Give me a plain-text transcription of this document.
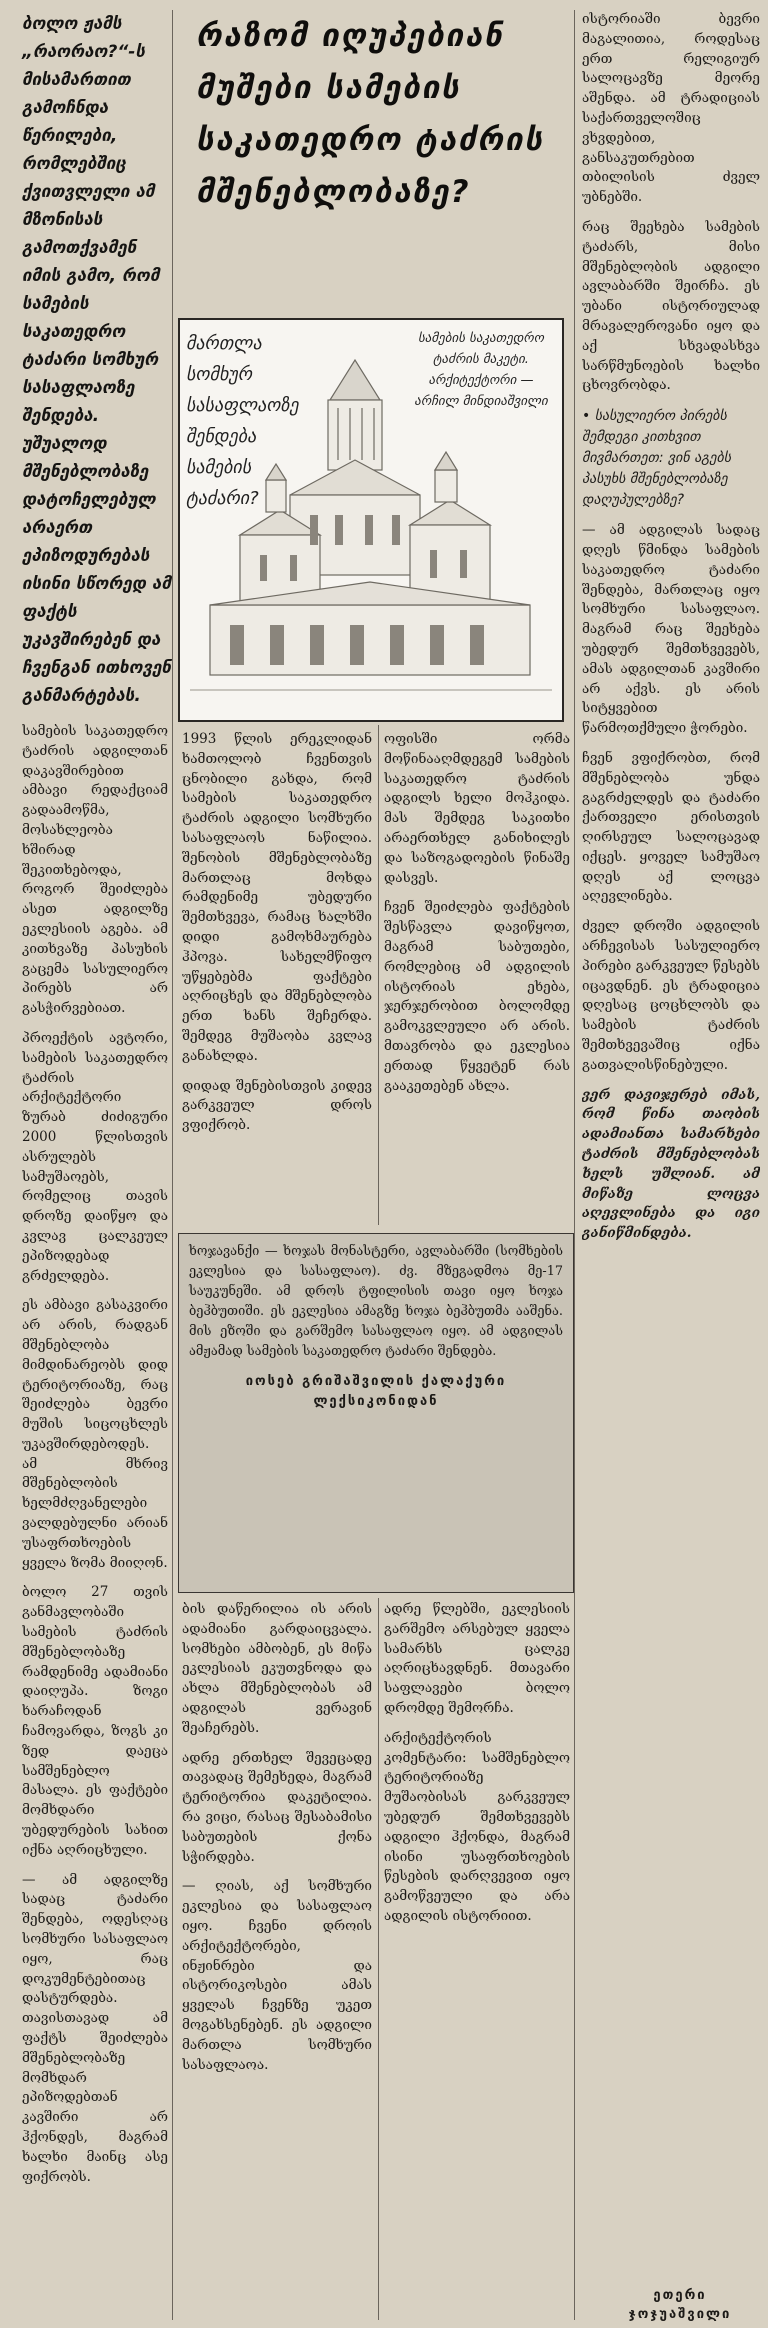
ბოლო ჟამს „რაორაო?“-ს მისამართით გამოჩნდა წერილები, რომლებშიც ქვითვლელი ამ მზონისას გამოთქვამენ იმის გამო, რომ სამების საკათედრო ტაძარი სომხურ სასაფლაოზე შენდება. უშუალოდ მშენებლობაზე დატოჩელებულ არაერთ ეპიზოდურებას ისინი სწორედ ამ ფაქტს უკავშირებენ და ჩვენგან ითხოვენ განმარტებას.
რაზომ იღუპებიან მუშები სამების საკათედრო ტაძრის მშენებლობაზე?
მართლა სომხურ სასაფლაოზე შენდება სამების ტაძარი?
სამების საკათედრო ტაძრის მაკეტი. არქიტექტორი — არჩილ მინდიაშვილი

სამების საკათედრო ტაძრის ადგილთან დაკავშირებით ამბავი რედაქციამ გადაამოწმა, მოსახლეობა ხშირად შეკითხებოდა, როგორ შეიძლება ასეთ ადგილზე ეკლესიის აგება. ამ კითხვაზე პასუხის გაცემა სასულიერო პირებს არ გასჭირვებიათ.

პროექტის ავტორი, სამების საკათედრო ტაძრის არქიტექტორი ზურაბ ძიძიგური 2000 წლისთვის ასრულებს სამუშაოებს, რომელიც თავის დროზე დაიწყო და კვლავ ცალკეულ ეპიზოდებად გრძელდება.

ეს ამბავი გასაკვირი არ არის, რადგან მშენებლობა მიმდინარეობს დიდ ტერიტორიაზე, რაც შეიძლება ბევრი მუშის სიცოცხლეს უკავშირდებოდეს. ამ მხრივ მშენებლობის ხელმძღვანელები ვალდებულნი არიან უსაფრთხოების ყველა ზომა მიიღონ.

ბოლო 27 თვის განმავლობაში სამების ტაძრის მშენებლობაზე რამდენიმე ადამიანი დაიღუპა. ზოგი ხარაჩოდან ჩამოვარდა, ზოგს კი ზედ დაეცა სამშენებლო მასალა. ეს ფაქტები მომხდარი უბედურების სახით იქნა აღრიცხული.

— ამ ადგილზე სადაც ტაძარი შენდება, ოდესღაც სომხური სასაფლაო იყო, რაც დოკუმენტებითაც დასტურდება. თავისთავად ამ ფაქტს შეიძლება მშენებლობაზე მომხდარ ეპიზოდებთან კავშირი არ ჰქონდეს, მაგრამ ხალხი მაინც ასე ფიქრობს.

1993 წლის ერეკლიდან ხამთოლობ ჩვენთვის ცნობილი გახდა, რომ სამების საკათედრო ტაძრის ადგილი სომხური სასაფლაოს ნაწილია. შენობის მშენებლობაზე მართლაც მოხდა რამდენიმე უბედური შემთხვევა, რამაც ხალხში დიდი გამოხმაურება ჰპოვა. სახელმწიფო უწყებებმა ფაქტები აღრიცხეს და მშენებლობა ერთ ხანს შეჩერდა. შემდეგ მუშაობა კვლავ განახლდა.

დიდად შენებისთვის კიდევ გარკვეულ დროს ვფიქრობ.

ოფისში ორმა მოწინააღმდეგემ სამების საკათედრო ტაძრის ადგილს ხელი მოჰკიდა. მას შემდეგ საკითხი არაერთხელ განიხილეს და საზოგადოების წინაშე დასვეს.

ჩვენ შეიძლება ფაქტების შესწავლა დავიწყოთ, მაგრამ საბუთები, რომლებიც ამ ადგილის ისტორიას ეხება, ჯერჯერობით ბოლომდე გამოკვლეული არ არის. მთავრობა და ეკლესია ერთად წყვეტენ რას გააკეთებენ ახლა.

ხოჯავანქი — ხოჯას მონასტერი, ავლაბარში (სომხების ეკლესია და სასაფლაო). ძვ. მზეგადმოა მე-17 საუკუნეში. ამ დროს ტფილისის თავი იყო ხოჯა ბეჰბუთიში. ეს ეკლესია ამაგზე ხოჯა ბეჰბუთმა ააშენა. მის ეზოში და გარშემო სასაფლაო იყო. ამ ადგილას ამჟამად სამების საკათედრო ტაძარი შენდება.

იოსებ გრიშაშვილის ქალაქური ლექსიკონიდან

ბის დაწერილია ის არის ადამიანი გარდაიცვალა. სომხები ამბობენ, ეს მიწა ეკლესიას ეკუთვნოდა და ახლა მშენებლობას ამ ადგილას ვერავინ შეაჩერებს.

ადრე ერთხელ შევეცადე თავადაც შემეხედა, მაგრამ ტერიტორია დაკეტილია. რა ვიცი, რასაც შესაბამისი საბუთების ქონა სჭირდება.

— ღიას, აქ სომხური ეკლესია და სასაფლაო იყო. ჩვენი დროის არქიტექტორები, ინჟინრები და ისტორიკოსები ამას ყველას ჩვენზე უკეთ მოგახსენებენ. ეს ადგილი მართლა სომხური სასაფლაოა.

ადრე წლებში, ეკლესიის გარშემო არსებულ ყველა სამარხს ცალკე აღრიცხავდნენ. მთავარი საფლავები ბოლო დრომდე შემორჩა.

არქიტექტორის კომენტარი: სამშენებლო ტერიტორიაზე მუშაობისას გარკვეულ უბედურ შემთხვევებს ადგილი ჰქონდა, მაგრამ ისინი უსაფრთხოების წესების დარღვევით იყო გამოწვეული და არა ადგილის ისტორიით.

ისტორიაში ბევრი მაგალითია, როდესაც ერთ რელიგიურ სალოცავზე მეორე აშენდა. ამ ტრადიციას საქართველოშიც ვხვდებით, განსაკუთრებით თბილისის ძველ უბნებში.

რაც შეეხება სამების ტაძარს, მისი მშენებლობის ადგილი ავლაბარში შეირჩა. ეს უბანი ისტორიულად მრავალეროვანი იყო და აქ სხვადასხვა სარწმუნოების ხალხი ცხოვრობდა.

• სასულიერო პირებს შემდეგი კითხვით მივმართეთ: ვინ აგებს პასუხს მშენებლობაზე დაღუპულებზე?

— ამ ადგილას სადაც დღეს წმინდა სამების საკათედრო ტაძარი შენდება, მართლაც იყო სომხური სასაფლაო. მაგრამ რაც შეეხება უბედურ შემთხვევებს, ამას ადგილთან კავშირი არ აქვს. ეს არის სიტყვებით წარმოთქმული ჭორები.

ჩვენ ვფიქრობთ, რომ მშენებლობა უნდა გაგრძელდეს და ტაძარი ქართველი ერისთვის ღირსეულ სალოცავად იქცეს. ყოველ სამუშაო დღეს აქ ლოცვა აღევლინება.

ძველ დროში ადგილის არჩევისას სასულიერო პირები გარკვეულ წესებს იცავდნენ. ეს ტრადიცია დღესაც ცოცხლობს და სამების ტაძრის შემთხვევაშიც იქნა გათვალისწინებული.

ვერ დავიჯერებ იმას, რომ წინა თაობის ადამიანთა სამარხები ტაძრის მშენებლობას ხელს უშლიან. ამ მიწაზე ლოცვა აღევლინება და იგი განიწმინდება.

ეთერი ჯოჯუაშვილი
